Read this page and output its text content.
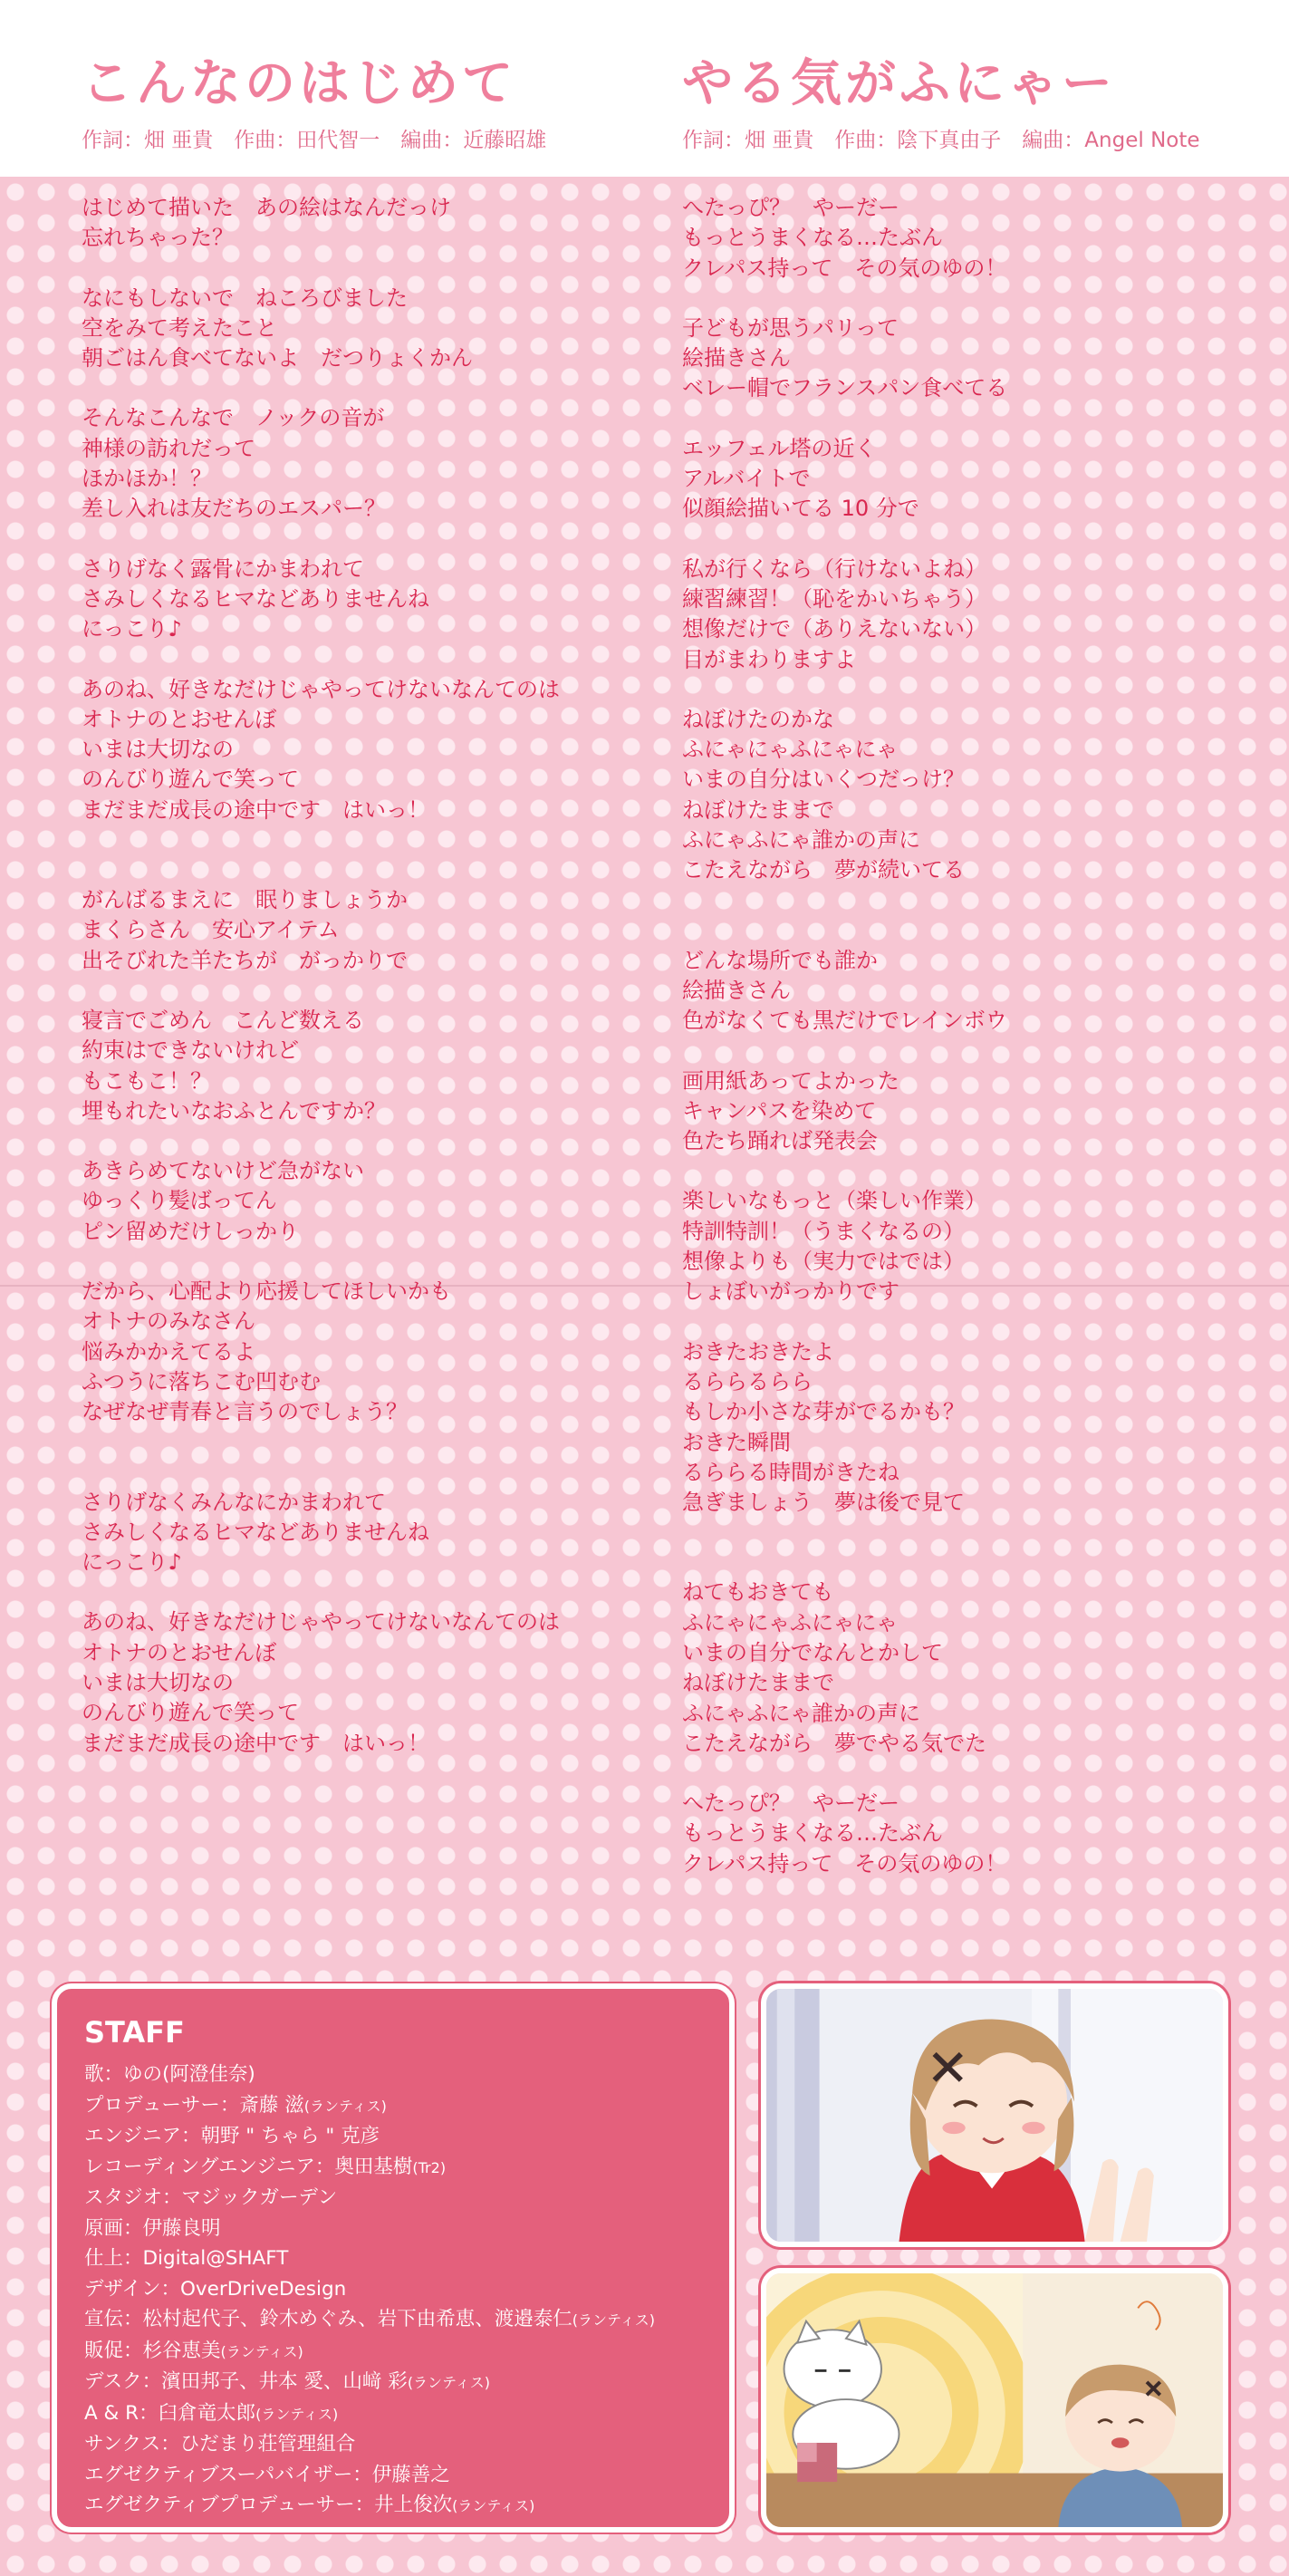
こんなのはじめて

作詞：畑 亜貴　作曲：田代智一　編曲：近藤昭雄

やる気がふにゃー

作詞：畑 亜貴　作曲：陰下真由子　編曲：Angel Note

はじめて描いた　あの絵はなんだっけ
忘れちゃった？
なにもしないで　ねころびました
空をみて考えたこと
朝ごはん食べてないよ　だつりょくかん
そんなこんなで　ノックの音が
神様の訪れだって
ほかほか！？
差し入れは友だちのエスパー？
さりげなく露骨にかまわれて
さみしくなるヒマなどありませんね
にっこり♪
あのね、好きなだけじゃやってけないなんてのは
オトナのとおせんぼ
いまは大切なの
のんびり遊んで笑って
まだまだ成長の途中です　はいっ！
がんばるまえに　眠りましょうか
まくらさん　安心アイテム
出そびれた羊たちが　がっかりで
寝言でごめん　こんど数える
約束はできないけれど
もこもこ！？
埋もれたいなおふとんですか？
あきらめてないけど急がない
ゆっくり髪ばってん
ピン留めだけしっかり
だから、心配より応援してほしいかも
オトナのみなさん
悩みかかえてるよ
ふつうに落ちこむ凹むむ
なぜなぜ青春と言うのでしょう？
さりげなくみんなにかまわれて
さみしくなるヒマなどありませんね
にっこり♪
あのね、好きなだけじゃやってけないなんてのは
オトナのとおせんぼ
いまは大切なの
のんびり遊んで笑って
まだまだ成長の途中です　はいっ！
へたっぴ？　やーだー
もっとうまくなる…たぶん
クレパス持って　その気のゆの！
子どもが思うパリって
絵描きさん
ベレー帽でフランスパン食べてる
エッフェル塔の近く
アルバイトで
似顔絵描いてる 10 分で
私が行くなら（行けないよね）
練習練習！（恥をかいちゃう）
想像だけで（ありえないない）
目がまわりますよ
ねぼけたのかな
ふにゃにゃふにゃにゃ
いまの自分はいくつだっけ？
ねぼけたままで
ふにゃふにゃ誰かの声に
こたえながら　夢が続いてる
どんな場所でも誰か
絵描きさん
色がなくても黒だけでレインボウ
画用紙あってよかった
キャンパスを染めて
色たち踊れば発表会
楽しいなもっと（楽しい作業）
特訓特訓！（うまくなるの）
想像よりも（実力ではでは）
しょぼいがっかりです
おきたおきたよ
るららるらら
もしか小さな芽がでるかも？
おきた瞬間
るららる時間がきたね
急ぎましょう　夢は後で見て
ねてもおきても
ふにゃにゃふにゃにゃ
いまの自分でなんとかして
ねぼけたままで
ふにゃふにゃ誰かの声に
こたえながら　夢でやる気でた
へたっぴ？　やーだー
もっとうまくなる…たぶん
クレパス持って　その気のゆの！
STAFF
歌：ゆの(阿澄佳奈)
プロデューサー：斎藤 滋(ランティス)
エンジニア：朝野 " ちゃら " 克彦
レコーディングエンジニア：奥田基樹(Tr2)
スタジオ：マジックガーデン
原画：伊藤良明
仕上：Digital@SHAFT
デザイン：OverDriveDesign
宣伝：松村起代子、鈴木めぐみ、岩下由希恵、渡邉泰仁(ランティス)
販促：杉谷恵美(ランティス)
デスク：濱田邦子、井本 愛、山﨑 彩(ランティス)
A & R：臼倉竜太郎(ランティス)
サンクス：ひだまり荘管理組合
エグゼクティブスーパバイザー：伊藤善之
エグゼクティブプロデューサー：井上俊次(ランティス)
